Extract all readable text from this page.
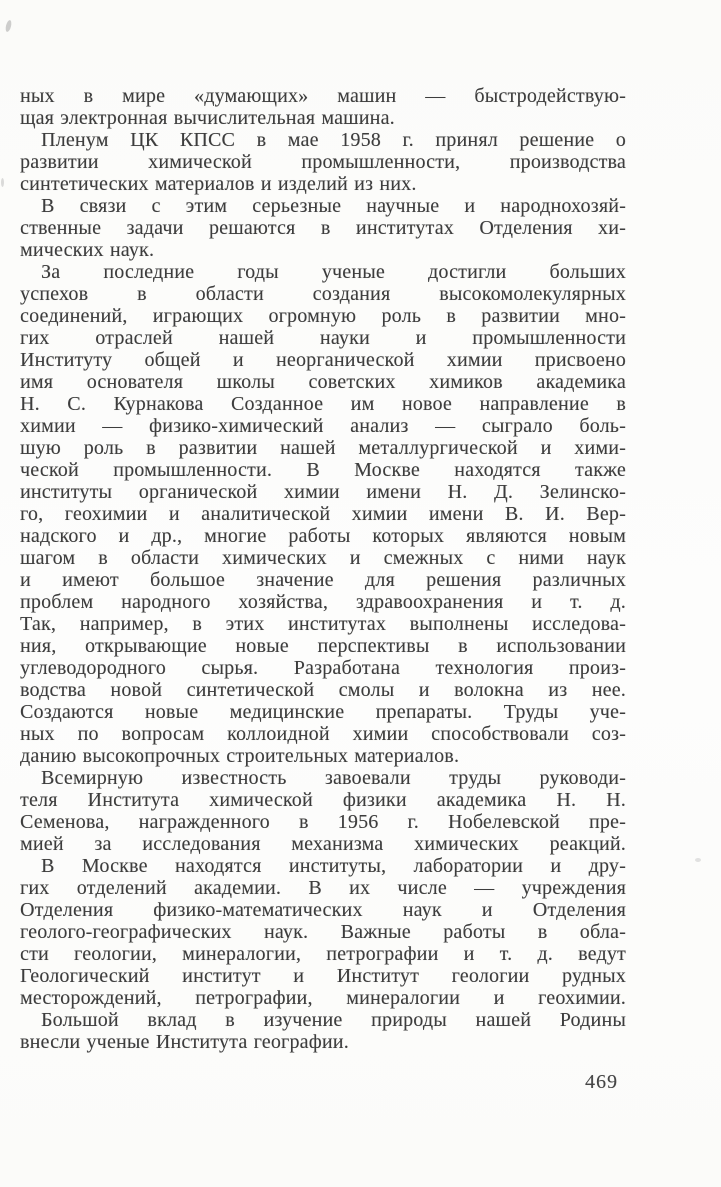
ных в мире «думающих» машин — быстродействую-
щая электронная вычислительная машина.
Пленум ЦК КПСС в мае 1958 г. принял решение о
развитии химической промышленности, производства
синтетических материалов и изделий из них.
В связи с этим серьезные научные и народнохозяй-
ственные задачи решаются в институтах Отделения хи-
мических наук.
За последние годы ученые достигли больших
успехов в области создания высокомолекулярных
соединений, играющих огромную роль в развитии мно-
гих отраслей нашей науки и промышленности
Институту общей и неорганической химии присвоено
имя основателя школы советских химиков академика
Н. С. Курнакова Созданное им новое направление в
химии — физико-химический анализ — сыграло боль-
шую роль в развитии нашей металлургической и хими-
ческой промышленности. В Москве находятся также
институты органической химии имени Н. Д. Зелинско-
го, геохимии и аналитической химии имени В. И. Вер-
надского и др., многие работы которых являются новым
шагом в области химических и смежных с ними наук
и имеют большое значение для решения различных
проблем народного хозяйства, здравоохранения и т. д.
Так, например, в этих институтах выполнены исследова-
ния, открывающие новые перспективы в использовании
углеводородного сырья. Разработана технология произ-
водства новой синтетической смолы и волокна из нее.
Создаются новые медицинские препараты. Труды уче-
ных по вопросам коллоидной химии способствовали соз-
данию высокопрочных строительных материалов.
Всемирную известность завоевали труды руководи-
теля Института химической физики академика Н. Н.
Семенова, награжденного в 1956 г. Нобелевской пре-
мией за исследования механизма химических реакций.
В Москве находятся институты, лаборатории и дру-
гих отделений академии. В их числе — учреждения
Отделения физико-математических наук и Отделения
геолого-географических наук. Важные работы в обла-
сти геологии, минералогии, петрографии и т. д. ведут
Геологический институт и Институт геологии рудных
месторождений, петрографии, минералогии и геохимии.
Большой вклад в изучение природы нашей Родины
внесли ученые Института географии.
469
